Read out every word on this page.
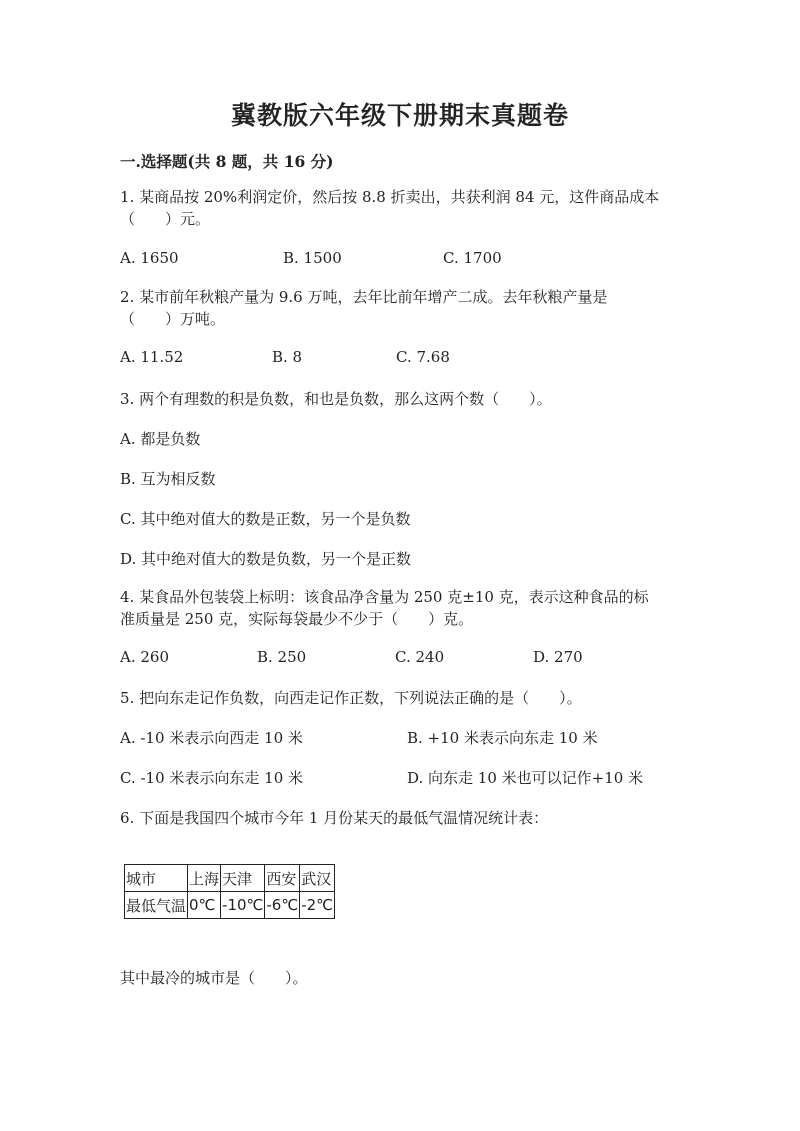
冀教版六年级下册期末真题卷
一.选择题(共 8 题，共 16 分)
1. 某商品按 20%利润定价，然后按 8.8 折卖出，共获利润 84 元，这件商品成本
（　　）元。
A. 1650	B. 1500	C. 1700
2. 某市前年秋粮产量为 9.6 万吨，去年比前年增产二成。去年秋粮产量是
（　　）万吨。
A. 11.52	B. 8	C. 7.68
3. 两个有理数的积是负数，和也是负数，那么这两个数（　　）。
A. 都是负数
B. 互为相反数
C. 其中绝对值大的数是正数，另一个是负数
D. 其中绝对值大的数是负数，另一个是正数
4. 某食品外包装袋上标明：该食品净含量为 250 克±10 克，表示这种食品的标
准质量是 250 克，实际每袋最少不少于（　　）克。
A. 260	B. 250	C. 240	D. 270
5. 把向东走记作负数，向西走记作正数，下列说法正确的是（　　）。
A. -10 米表示向西走 10 米	B. +10 米表示向东走 10 米
C. -10 米表示向东走 10 米	D. 向东走 10 米也可以记作+10 米
6. 下面是我国四个城市今年 1 月份某天的最低气温情况统计表：
城市	上海	天津	西安	武汉
最低气温	0℃	-10℃	-6℃	-2℃
其中最冷的城市是（　　）。
